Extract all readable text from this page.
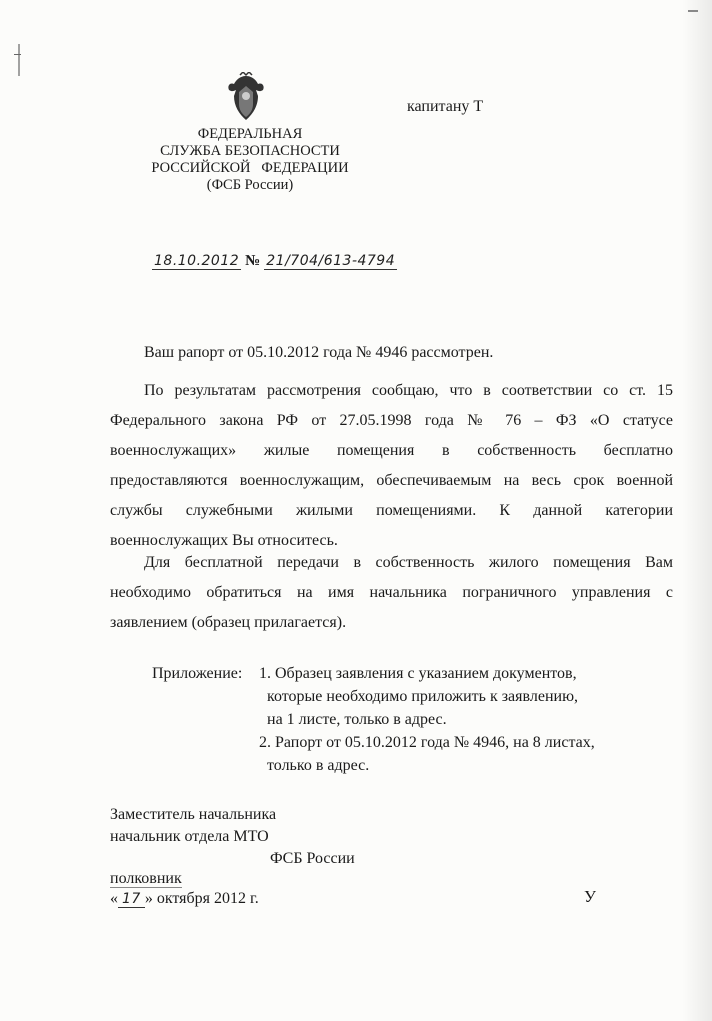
ФЕДЕРАЛЬНАЯ
СЛУЖБА БЕЗОПАСНОСТИ
РОССИЙСКОЙ   ФЕДЕРАЦИИ
(ФСБ России)
капитану Т
18.10.2012 № 21/704/613-4794
Ваш рапорт от 05.10.2012 года № 4946 рассмотрен.
По результатам рассмотрения сообщаю, что в соответствии со ст. 15
Федерального закона РФ от 27.05.1998 года № 76 – ФЗ «О статусе
военнослужащих» жилые помещения в собственность бесплатно
предоставляются военнослужащим, обеспечиваемым на весь срок военной
службы служебными жилыми помещениями. К данной категории
военнослужащих Вы относитесь.
Для бесплатной передачи в собственность жилого помещения Вам
необходимо обратиться на имя начальника пограничного управления с
заявлением (образец прилагается).
Приложение:	1. Образец заявления с указанием документов,
которые необходимо приложить к заявлению,
на 1 листе, только в адрес.
2. Рапорт от 05.10.2012 года № 4946, на 8 листах,
только в адрес.
Заместитель начальника
начальник отдела МТО
ФСБ России
полковник
У
« 17 » октября 2012 г.
